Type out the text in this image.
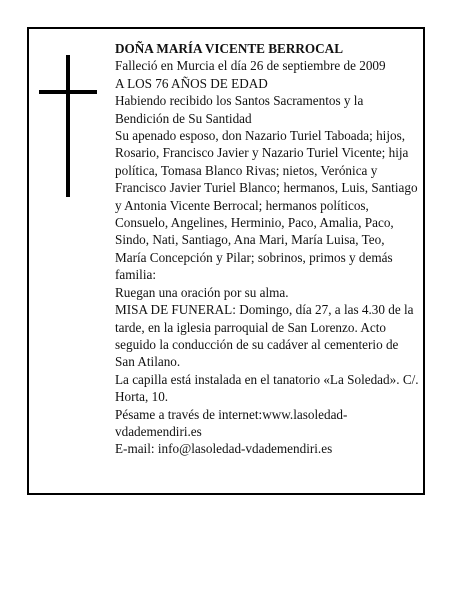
DOÑA MARÍA VICENTE BERROCAL

Falleció en Murcia el día 26 de septiembre de 2009

A LOS 76 AÑOS DE EDAD

Habiendo recibido los Santos Sacramentos y la Bendición de Su Santidad

Su apenado esposo, don Nazario Turiel Taboada; hijos, Rosario, Francisco Javier y Nazario Turiel Vicente; hija política, Tomasa Blanco Rivas; nietos, Verónica y Francisco Javier Turiel Blanco; hermanos, Luis, Santiago y Antonia Vicente Berrocal; hermanos políticos, Consuelo, Angelines, Herminio, Paco, Amalia, Paco, Sindo, Nati, Santiago, Ana Mari, María Luisa, Teo, María Concepción y Pilar; sobrinos, primos y demás familia:

Ruegan una oración por su alma.

MISA DE FUNERAL: Domingo, día 27, a las 4.30 de la tarde, en la iglesia parroquial de San Lorenzo. Acto seguido la conducción de su cadáver al cementerio de San Atilano.

La capilla está instalada en el tanatorio «La Soledad». C/. Horta, 10.

Pésame a través de internet:www.lasoledad-vdademendiri.es

E-mail: info@lasoledad-vdademendiri.es
